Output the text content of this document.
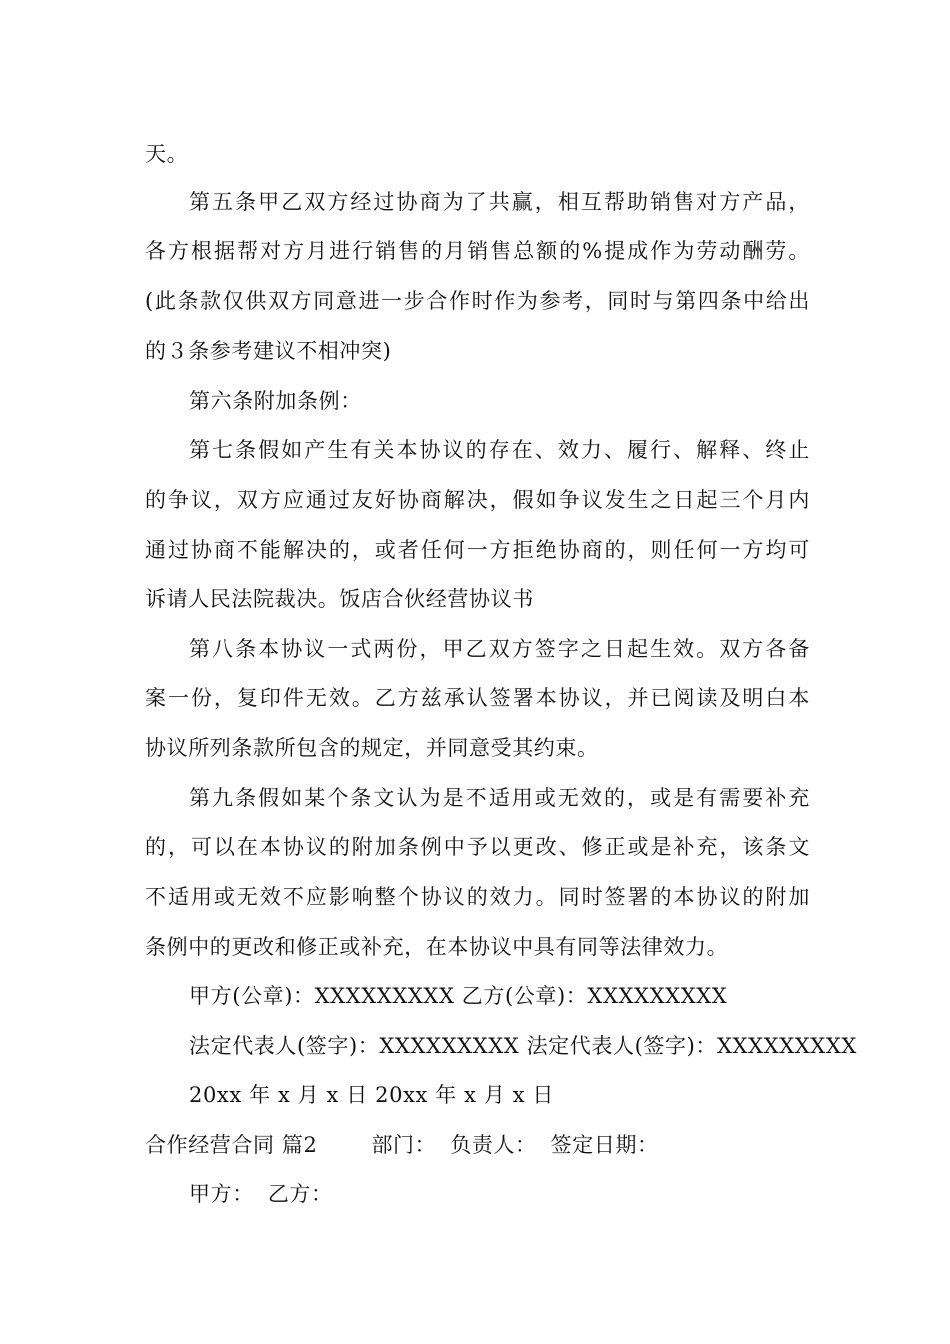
天。
第五条甲乙双方经过协商为了共赢，相互帮助销售对方产品，
各方根据帮对方月进行销售的月销售总额的%提成作为劳动酬劳。
(此条款仅供双方同意进一步合作时作为参考，同时与第四条中给出
的３条参考建议不相冲突)
第六条附加条例：
第七条假如产生有关本协议的存在、效力、履行、解释、终止
的争议，双方应通过友好协商解决，假如争议发生之日起三个月内
通过协商不能解决的，或者任何一方拒绝协商的，则任何一方均可
诉请人民法院裁决。饭店合伙经营协议书
第八条本协议一式两份，甲乙双方签字之日起生效。双方各备
案一份，复印件无效。乙方兹承认签署本协议，并已阅读及明白本
协议所列条款所包含的规定，并同意受其约束。
第九条假如某个条文认为是不适用或无效的，或是有需要补充
的，可以在本协议的附加条例中予以更改、修正或是补充，该条文
不适用或无效不应影响整个协议的效力。同时签署的本协议的附加
条例中的更改和修正或补充，在本协议中具有同等法律效力。
甲方(公章)：XXXXXXXXX 乙方(公章)：XXXXXXXXX
法定代表人(签字)：XXXXXXXXX 法定代表人(签字)：XXXXXXXXX
20xx 年 x 月 x 日 20xx 年 x 月 x 日
合作经营合同 篇2	部门： 负责人： 签定日期：
甲方： 乙方：
